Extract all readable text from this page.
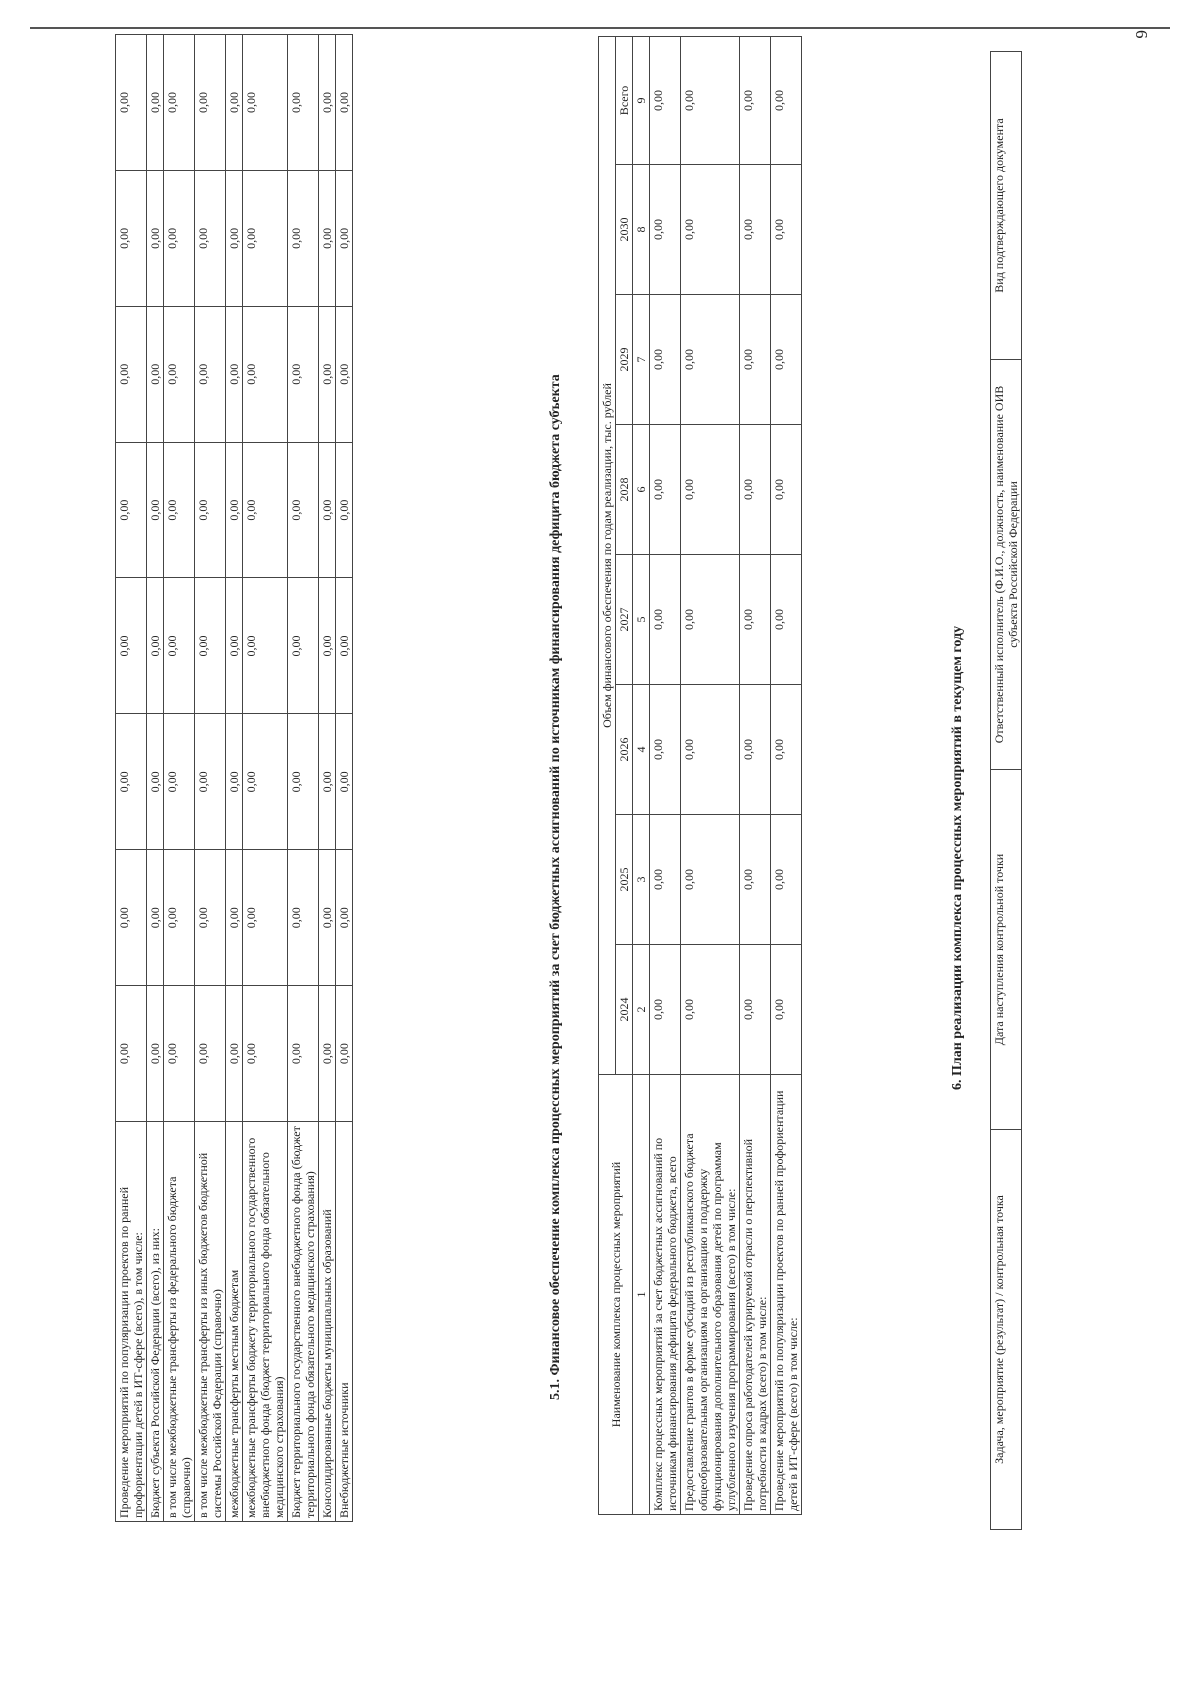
6
Проведение мероприятий по популяризации проектов по ранней профориентации детей в ИТ-сфере (всего), в том числе:	0,00	0,00	0,00	0,00	0,00	0,00	0,00	0,00
Бюджет субъекта Российской Федерации (всего), из них:	0,00	0,00	0,00	0,00	0,00	0,00	0,00	0,00
в том числе межбюджетные трансферты из федерального бюджета (справочно)	0,00	0,00	0,00	0,00	0,00	0,00	0,00	0,00
в том числе межбюджетные трансферты из иных бюджетов бюджетной системы Российской Федерации (справочно)	0,00	0,00	0,00	0,00	0,00	0,00	0,00	0,00
межбюджетные трансферты местным бюджетам	0,00	0,00	0,00	0,00	0,00	0,00	0,00	0,00
межбюджетные трансферты бюджету территориального государственного внебюджетного фонда (бюджет территориального фонда обязательного медицинского страхования)	0,00	0,00	0,00	0,00	0,00	0,00	0,00	0,00
Бюджет территориального государственного внебюджетного фонда (бюджет территориального фонда обязательного медицинского страхования)	0,00	0,00	0,00	0,00	0,00	0,00	0,00	0,00
Консолидированные бюджеты муниципальных образований	0,00	0,00	0,00	0,00	0,00	0,00	0,00	0,00
Внебюджетные источники	0,00	0,00	0,00	0,00	0,00	0,00	0,00	0,00
5.1. Финансовое обеспечение комплекса процессных мероприятий за счет бюджетных ассигнований по источникам финансирования дефицита бюджета субъекта	Наименование комплекса процессных мероприятий	Объем финансового обеспечения по годам реализации, тыс. рублей							
	2024	2025	2026	2027	2028	2029	2030	Всего
1	2	3	4	5	6	7	8	9
Комплекс процессных мероприятий за счет бюджетных ассигнований по источникам финансирования дефицита федерального бюджета, всего	0,00	0,00	0,00	0,00	0,00	0,00	0,00	0,00
Предоставление грантов в форме субсидий из республиканского бюджета общеобразовательным организациям на организацию и поддержку функционирования дополнительного образования детей по программам углубленного изучения программирования (всего) в том числе:	0,00	0,00	0,00	0,00	0,00	0,00	0,00	0,00
Проведение опроса работодателей курируемой отрасли о перспективной потребности в кадрах (всего) в том числе:	0,00	0,00	0,00	0,00	0,00	0,00	0,00	0,00
Проведение мероприятий по популяризации проектов по ранней профориентации детей в ИТ-сфере (всего) в том числе:	0,00	0,00	0,00	0,00	0,00	0,00	0,00	0,00
6. План реализации комплекса процессных мероприятий в текущем году
Задача, мероприятие (результат) / контрольная точка	Дата наступления контрольной точки	Ответственный исполнитель (Ф.И.О., должность, наименование ОИВ субъекта Российской Федерации	Вид подтверждающего документа
